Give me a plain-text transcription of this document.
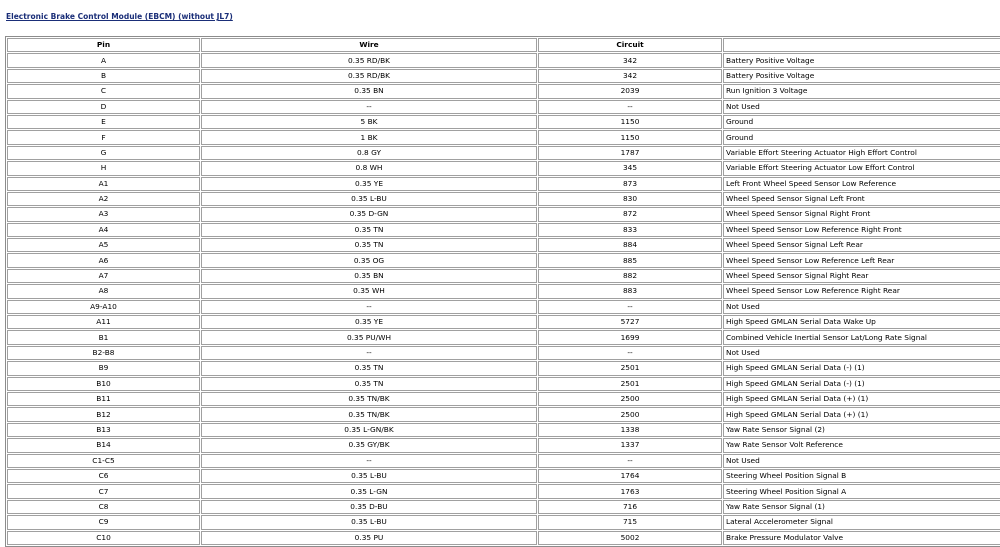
Electronic Brake Control Module (EBCM) (without JL7)
Pin	Wire	Circuit	
A	0.35 RD/BK	342	Battery Positive Voltage
B	0.35 RD/BK	342	Battery Positive Voltage
C	0.35 BN	2039	Run Ignition 3 Voltage
D	--	--	Not Used
E	5 BK	1150	Ground
F	1 BK	1150	Ground
G	0.8 GY	1787	Variable Effort Steering Actuator High Effort Control
H	0.8 WH	345	Variable Effort Steering Actuator Low Effort Control
A1	0.35 YE	873	Left Front Wheel Speed Sensor Low Reference
A2	0.35 L-BU	830	Wheel Speed Sensor Signal Left Front
A3	0.35 D-GN	872	Wheel Speed Sensor Signal Right Front
A4	0.35 TN	833	Wheel Speed Sensor Low Reference Right Front
A5	0.35 TN	884	Wheel Speed Sensor Signal Left Rear
A6	0.35 OG	885	Wheel Speed Sensor Low Reference Left Rear
A7	0.35 BN	882	Wheel Speed Sensor Signal Right Rear
A8	0.35 WH	883	Wheel Speed Sensor Low Reference Right Rear
A9-A10	--	--	Not Used
A11	0.35 YE	5727	High Speed GMLAN Serial Data Wake Up
B1	0.35 PU/WH	1699	Combined Vehicle Inertial Sensor Lat/Long Rate Signal
B2-B8	--	--	Not Used
B9	0.35 TN	2501	High Speed GMLAN Serial Data (-) (1)
B10	0.35 TN	2501	High Speed GMLAN Serial Data (-) (1)
B11	0.35 TN/BK	2500	High Speed GMLAN Serial Data (+) (1)
B12	0.35 TN/BK	2500	High Speed GMLAN Serial Data (+) (1)
B13	0.35 L-GN/BK	1338	Yaw Rate Sensor Signal (2)
B14	0.35 GY/BK	1337	Yaw Rate Sensor Volt Reference
C1-C5	--	--	Not Used
C6	0.35 L-BU	1764	Steering Wheel Position Signal B
C7	0.35 L-GN	1763	Steering Wheel Position Signal A
C8	0.35 D-BU	716	Yaw Rate Sensor Signal (1)
C9	0.35 L-BU	715	Lateral Accelerometer Signal
C10	0.35 PU	5002	Brake Pressure Modulator Valve
